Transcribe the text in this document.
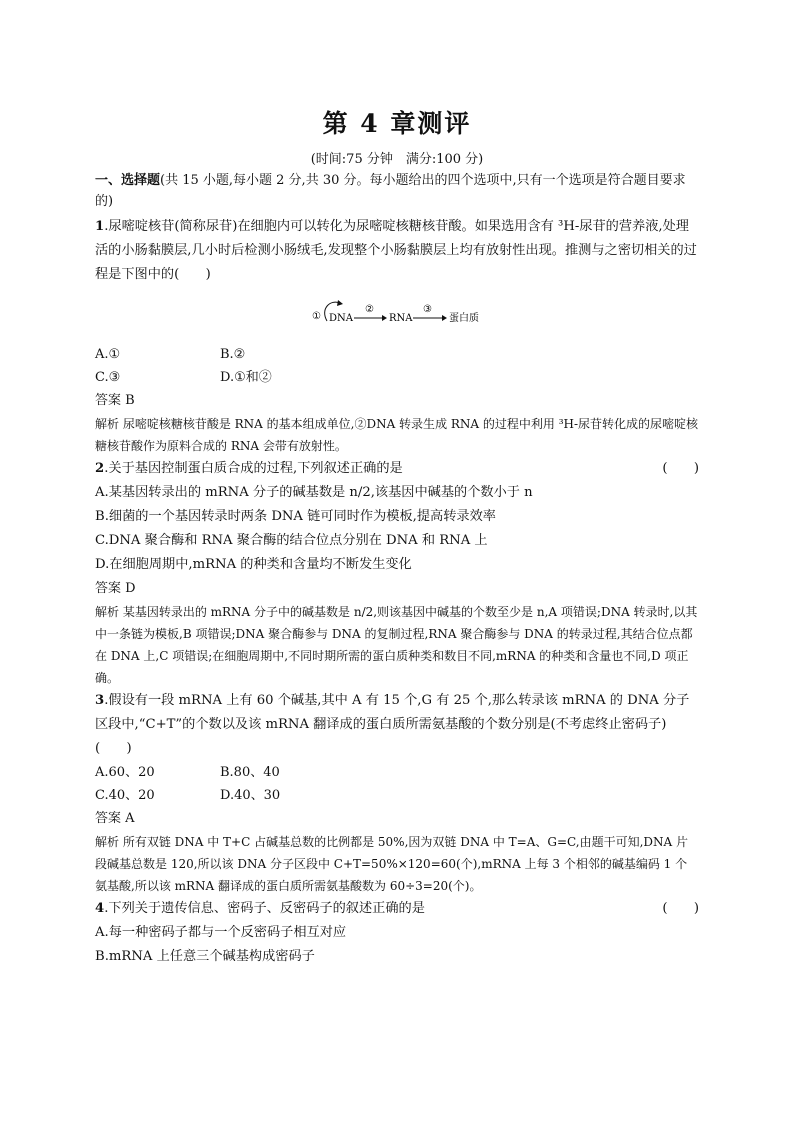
第 4 章测评
(时间:75 分钟　满分:100 分)

一、选择题(共 15 小题,每小题 2 分,共 30 分。每小题给出的四个选项中,只有一个选项是符合题目要求的)

1.尿嘧啶核苷(简称尿苷)在细胞内可以转化为尿嘧啶核糖核苷酸。如果选用含有 ³H-尿苷的营养液,处理活的小肠黏膜层,几小时后检测小肠绒毛,发现整个小肠黏膜层上均有放射性出现。推测与之密切相关的过程是下图中的(　　)

① DNA
②
RNA
③
蛋白质
A.①	B.②
C.③	D.①和②

答案 B

解析 尿嘧啶核糖核苷酸是 RNA 的基本组成单位,②DNA 转录生成 RNA 的过程中利用 ³H-尿苷转化成的尿嘧啶核糖核苷酸作为原料合成的 RNA 会带有放射性。

2.关于基因控制蛋白质合成的过程,下列叙述正确的是	(　　)

A.某基因转录出的 mRNA 分子的碱基数是 n/2,该基因中碱基的个数小于 n

B.细菌的一个基因转录时两条 DNA 链可同时作为模板,提高转录效率

C.DNA 聚合酶和 RNA 聚合酶的结合位点分别在 DNA 和 RNA 上

D.在细胞周期中,mRNA 的种类和含量均不断发生变化

答案 D

解析 某基因转录出的 mRNA 分子中的碱基数是 n/2,则该基因中碱基的个数至少是 n,A 项错误;DNA 转录时,以其中一条链为模板,B 项错误;DNA 聚合酶参与 DNA 的复制过程,RNA 聚合酶参与 DNA 的转录过程,其结合位点都在 DNA 上,C 项错误;在细胞周期中,不同时期所需的蛋白质种类和数目不同,mRNA 的种类和含量也不同,D 项正确。

3.假设有一段 mRNA 上有 60 个碱基,其中 A 有 15 个,G 有 25 个,那么转录该 mRNA 的 DNA 分子区段中,“C+T”的个数以及该 mRNA 翻译成的蛋白质所需氨基酸的个数分别是(不考虑终止密码子)(　　)

A.60、20	B.80、40
C.40、20	D.40、30

答案 A

解析 所有双链 DNA 中 T+C 占碱基总数的比例都是 50%,因为双链 DNA 中 T=A、G=C,由题干可知,DNA 片段碱基总数是 120,所以该 DNA 分子区段中 C+T=50%×120=60(个),mRNA 上每 3 个相邻的碱基编码 1 个氨基酸,所以该 mRNA 翻译成的蛋白质所需氨基酸数为 60÷3=20(个)。

4.下列关于遗传信息、密码子、反密码子的叙述正确的是	(　　)

A.每一种密码子都与一个反密码子相互对应

B.mRNA 上任意三个碱基构成密码子
